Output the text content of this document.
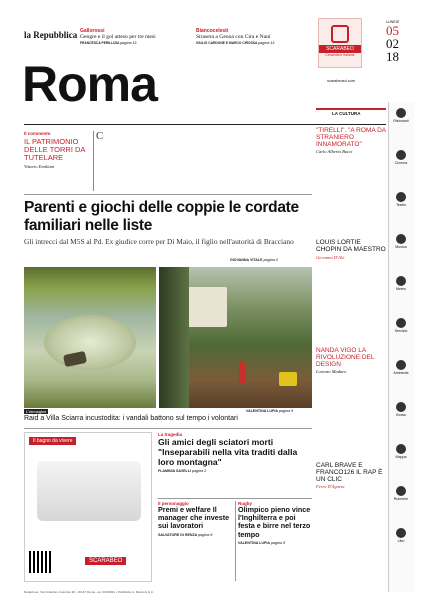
la Repubblica
Roma
Gallorossi
Gengre e il gol atteso per tre mesi
FRANCESCA PERILLIZIA pagina 13
Biancocelesti
Strasera a Genoa con Cira e Nani
GIULIO CARDONE E MARCO CIROSSA pagina 13
SCARABEO
Ceramiche Italiane
scarabeosrl.com
LUNEDÌ
05
02
18
Il commento
IL PATRIMONIO DELLE TORRI DA TUTELARE
Vittorio Emiliani
C
LA CULTURA
"TIRELLI". "A ROMA DA STRANIERO INNAMORATO"
Carlo Alberto Bucci
LOUIS LORTIE CHOPIN DA MAESTRO
Giovanni D'Alò
NANDA VIGO LA RIVOLUZIONE DEL DESIGN
Lorenzo Madaro
CARL BRAVE E FRANCO126 IL RAP È UN CLIC
Ferro D'Agnese
Ristoranti
Cinema
Teatro
Musica
Meteo
Servizio
Ambiente
Borsa
Mappa
Rubriche
Libri
Parenti e giochi delle coppie le cordate familiari nelle liste
Gli intrecci dal M5S al Pd. Ex giudice corre per Di Maio, il figlio nell'autorità di Bracciano
GIOVANNA VITALE pagina 4
L'immagine	VALENTINA LUPIA pagina 9
Raid a Villa Sciarra incustodita: i vandali battono sul tempo i volontari
Il bagno da vivere
SCARABEO
La tragedia
Gli amici degli sciatori morti "Inseparabili nella vita traditi dalla loro montagna"
FLAMINIA SAVELLI pagina 2
Il personaggio
Premi e welfare Il manager che investe sui lavoratori
SALVATORE DI RENZA pagina 9
Rugby
Olimpico pieno vince l'Inghilterra e poi festa e birre nel terzo tempo
VALENTINA LUPIA pagina 8
Redazione: Via Cristoforo Colombo 90 - 00147 Roma - tel. 06/49821 - Pubblicità: A. Manzoni & C.
